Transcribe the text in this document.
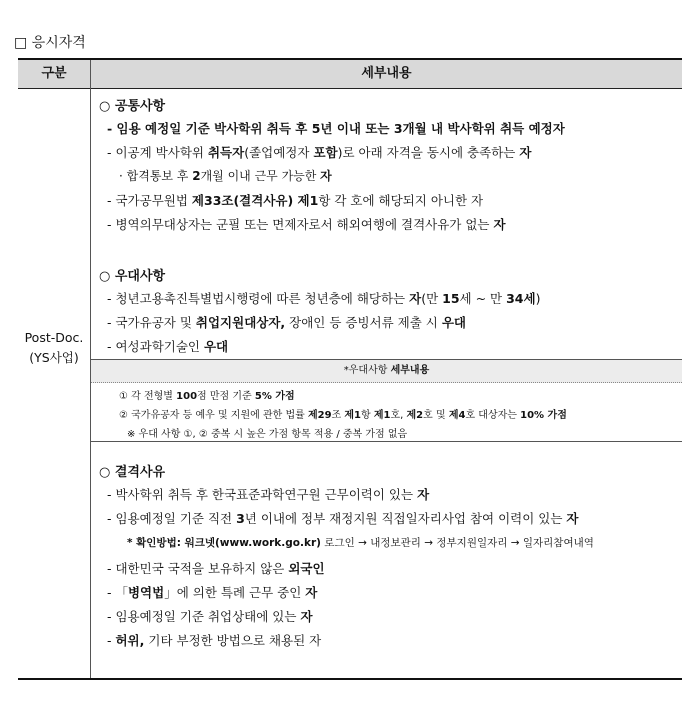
□ 응시자격
구분	세부내용
Post-Doc.
(YS사업)
○ 공통사항
- 임용 예정일 기준 박사학위 취득 후 5년 이내 또는 3개월 내 박사학위 취득 예정자
- 이공계 박사학위 취득자(졸업예정자 포함)로 아래 자격을 동시에 충족하는 자
· 합격통보 후 2개월 이내 근무 가능한 자
- 국가공무원법 제33조(결격사유) 제1항 각 호에 해당되지 아니한 자
- 병역의무대상자는 군필 또는 면제자로서 해외여행에 결격사유가 없는 자
○ 우대사항
- 청년고용촉진특별법시행령에 따른 청년층에 해당하는 자(만 15세 ~ 만 34세)
- 국가유공자 및 취업지원대상자, 장애인 등 증빙서류 제출 시 우대
- 여성과학기술인 우대
*우대사항 세부내용
① 각 전형별 100점 만점 기준 5% 가점
② 국가유공자 등 예우 및 지원에 관한 법률 제29조 제1항 제1호, 제2호 및 제4호 대상자는 10% 가점
※ 우대 사항 ①, ② 중복 시 높은 가점 항목 적용 / 중복 가점 없음
○ 결격사유
- 박사학위 취득 후 한국표준과학연구원 근무이력이 있는 자
- 임용예정일 기준 직전 3년 이내에 정부 재정지원 직접일자리사업 참여 이력이 있는 자
* 확인방법: 워크넷(www.work.go.kr) 로그인 → 내정보관리 → 정부지원일자리 → 일자리참여내역
- 대한민국 국적을 보유하지 않은 외국인
- 「병역법」에 의한 특례 근무 중인 자
- 임용예정일 기준 취업상태에 있는 자
- 허위, 기타 부정한 방법으로 채용된 자
